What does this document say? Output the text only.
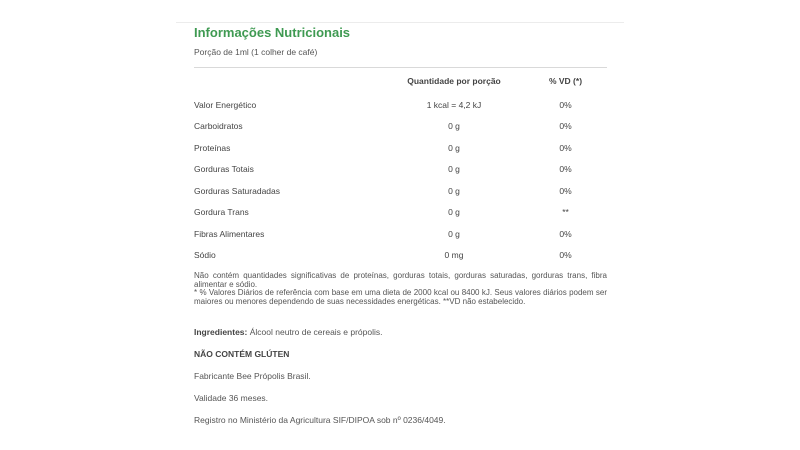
Informações Nutricionais
Porção de 1ml (1 colher de café)
	Quantidade por porção	% VD (*)
Valor Energético	1 kcal = 4,2 kJ	0%
Carboidratos	0 g	0%
Proteínas	0 g	0%
Gorduras Totais	0 g	0%
Gorduras Saturadadas	0 g	0%
Gordura Trans	0 g	**
Fibras Alimentares	0 g	0%
Sódio	0 mg	0%

Não contém quantidades significativas de proteínas, gorduras totais, gorduras saturadas, gorduras trans, fibra alimentar e sódio.

* % Valores Diários de referência com base em uma dieta de 2000 kcal ou 8400 kJ. Seus valores diários podem ser maiores ou menores dependendo de suas necessidades energéticas. **VD não estabelecido.

Ingredientes: Álcool neutro de cereais e própolis.
NÃO CONTÉM GLÚTEN
Fabricante Bee Própolis Brasil.
Validade 36 meses.
Registro no Ministério da Agricultura SIF/DIPOA sob nº 0236/4049.
